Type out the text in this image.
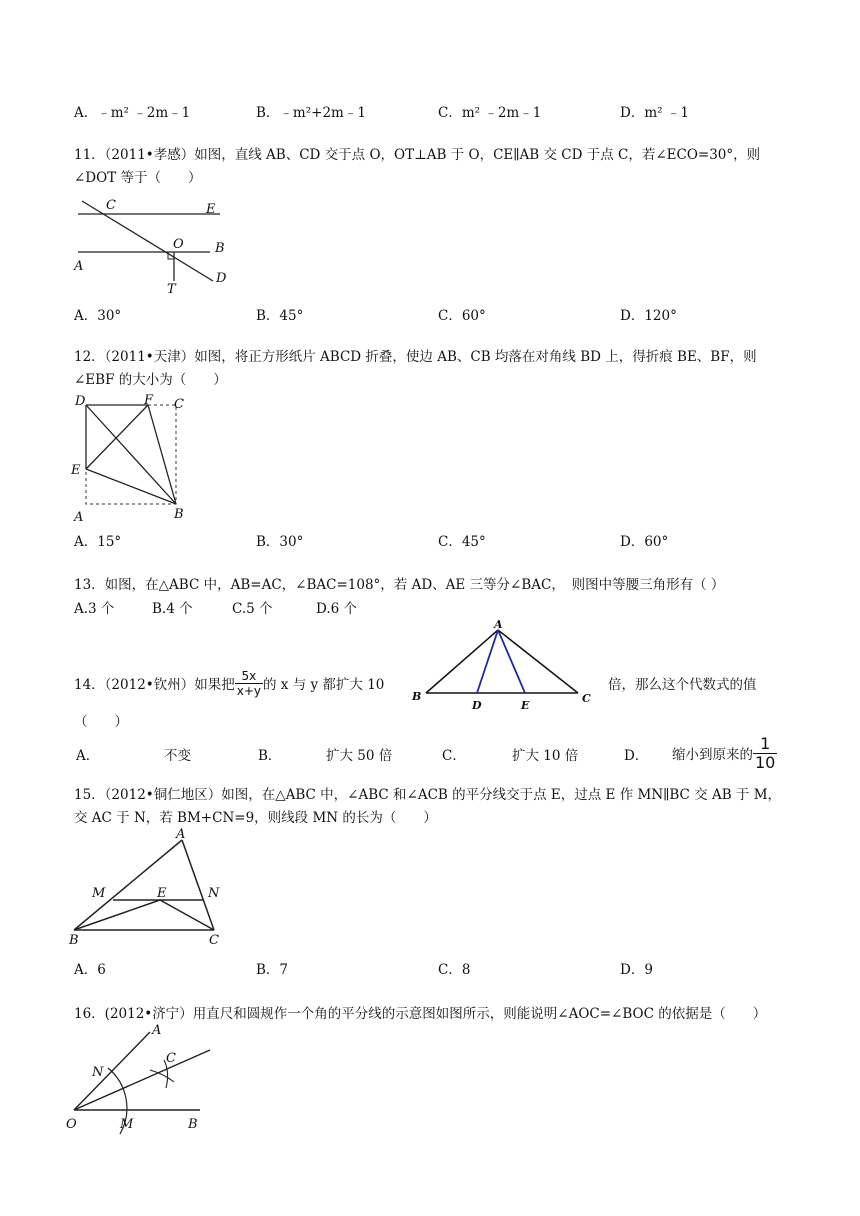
A．﹣m² ﹣2m﹣1	B．﹣m²+2m﹣1	C．m² ﹣2m﹣1	D．m² ﹣1
11．（2011•孝感）如图，直线 AB、CD 交于点 O，OT⊥AB 于 O，CE∥AB 交 CD 于点 C，若∠ECO=30°，则
∠DOT 等于（　　）
C	E
O B
A
D
T
A．30°	B．45°	C．60°	D．120°
12．（2011•天津）如图，将正方形纸片 ABCD 折叠，使边 AB、CB 均落在对角线 BD 上，得折痕 BE、BF，则
∠EBF 的大小为（　　）
D	F C
E
A	B
A．15°	B．30°	C．45°	D．60°
13．如图，在△ABC 中，AB=AC，∠BAC=108°，若 AD、AE 三等分∠BAC，　则图中等腰三角形有（ ）
A.3 个	B.4 个	C.5 个	D.6 个
A
B
D	E
C
14．（2012•钦州）如果把 $\frac{5x}{x+y}$ 的 x 与 y 都扩大 10	倍，那么这个代数式的值
（　　）
A．	不变	B．	扩大 50 倍	C．	扩大 10 倍	D． 缩小到原来的 $\frac{1}{10}$
15．（2012•铜仁地区）如图，在△ABC 中，∠ABC 和∠ACB 的平分线交于点 E，过点 E 作 MN∥BC 交 AB 于 M，
交 AC 于 N，若 BM+CN=9，则线段 MN 的长为（　　）
A
M	E	N
B	C
A．6	B．7	C．8	D．9
16．(2012•济宁）用直尺和圆规作一个角的平分线的示意图如图所示，则能说明∠AOC=∠BOC 的依据是（　　）
A
C
N
O	M	B
